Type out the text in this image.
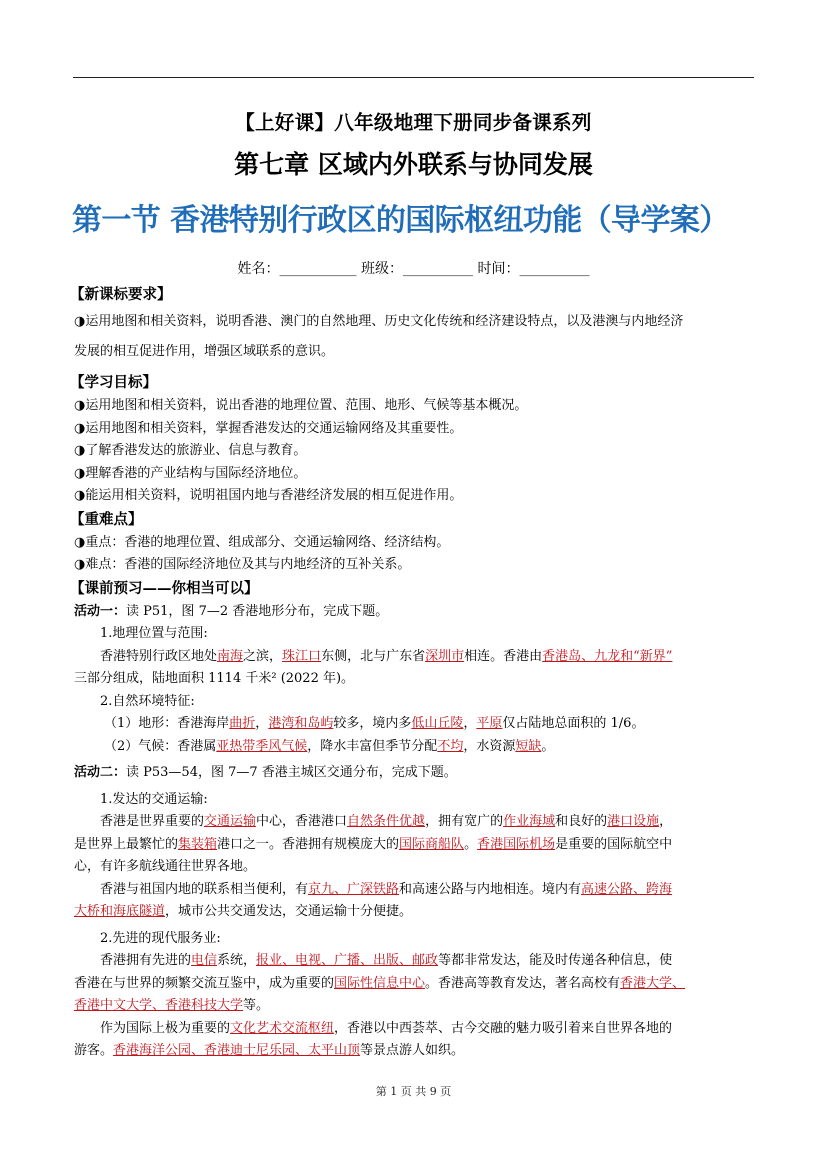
【上好课】八年级地理下册同步备课系列
第七章 区域内外联系与协同发展
第一节 香港特别行政区的国际枢纽功能（导学案）
姓名：___________ 班级：__________ 时间：__________

【新课标要求】

◑运用地图和相关资料，说明香港、澳门的自然地理、历史文化传统和经济建设特点，以及港澳与内地经济

发展的相互促进作用，增强区域联系的意识。

【学习目标】

◑运用地图和相关资料，说出香港的地理位置、范围、地形、气候等基本概况。

◑运用地图和相关资料，掌握香港发达的交通运输网络及其重要性。

◑了解香港发达的旅游业、信息与教育。

◑理解香港的产业结构与国际经济地位。

◑能运用相关资料，说明祖国内地与香港经济发展的相互促进作用。

【重难点】

◑重点：香港的地理位置、组成部分、交通运输网络、经济结构。

◑难点：香港的国际经济地位及其与内地经济的互补关系。

【课前预习——你相当可以】

活动一：读 P51，图 7—2 香港地形分布，完成下题。

1.地理位置与范围:

香港特别行政区地处南海之滨，珠江口东侧，北与广东省深圳市相连。香港由香港岛、九龙和“新界”

三部分组成，陆地面积 1114 千米² (2022 年)。

2.自然环境特征:

（1）地形：香港海岸曲折，港湾和岛屿较多，境内多低山丘陵，平原仅占陆地总面积的 1/6。

（2）气候：香港属亚热带季风气候，降水丰富但季节分配不均，水资源短缺。

活动二：读 P53—54，图 7—7 香港主城区交通分布，完成下题。

1.发达的交通运输:

香港是世界重要的交通运输中心，香港港口自然条件优越，拥有宽广的作业海域和良好的港口设施，

是世界上最繁忙的集装箱港口之一。香港拥有规模庞大的国际商船队。香港国际机场是重要的国际航空中

心，有许多航线通往世界各地。

香港与祖国内地的联系相当便利，有京九、广深铁路和高速公路与内地相连。境内有高速公路、跨海

大桥和海底隧道，城市公共交通发达，交通运输十分便捷。

2.先进的现代服务业:

香港拥有先进的电信系统，报业、电视、广播、出版、邮政等都非常发达，能及时传递各种信息，使

香港在与世界的频繁交流互鉴中，成为重要的国际性信息中心。香港高等教育发达，著名高校有香港大学、

香港中文大学、香港科技大学等。

作为国际上极为重要的文化艺术交流枢纽，香港以中西荟萃、古今交融的魅力吸引着来自世界各地的

游客。香港海洋公园、香港迪士尼乐园、太平山顶等景点游人如织。

第 1 页 共 9 页
